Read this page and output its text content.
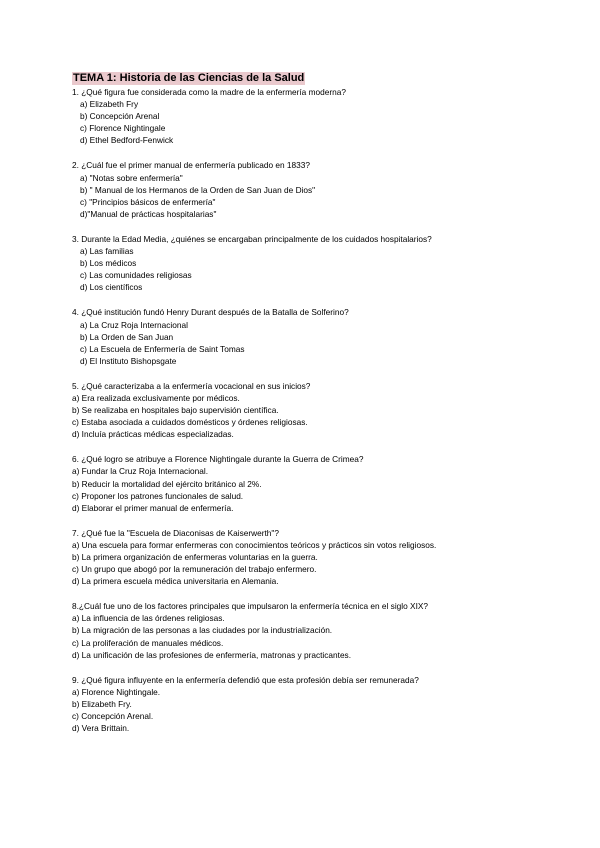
TEMA 1: Historia de las Ciencias de la Salud
1. ¿Qué figura fue considerada como la madre de la enfermería moderna?
a) Elizabeth Fry
b) Concepción Arenal
c) Florence Nightingale
d) Ethel Bedford-Fenwick
2. ¿Cuál fue el primer manual de enfermería publicado en 1833?
a) "Notas sobre enfermería"
b) " Manual de los Hermanos de la Orden de San Juan de Dios"
c) "Principios básicos de enfermería"
d)"Manual de prácticas hospitalarias"
3. Durante la Edad Media, ¿quiénes se encargaban principalmente de los cuidados hospitalarios?
a) Las familias
b) Los médicos
c) Las comunidades religiosas
d) Los científicos
4. ¿Qué institución fundó Henry Durant después de la Batalla de Solferino?
a) La Cruz Roja Internacional
b) La Orden de San Juan
c) La Escuela de Enfermería de Saint Tomas
d) El Instituto Bishopsgate
5. ¿Qué caracterizaba a la enfermería vocacional en sus inicios?
a) Era realizada exclusivamente por médicos.
b) Se realizaba en hospitales bajo supervisión científica.
c) Estaba asociada a cuidados domésticos y órdenes religiosas.
d) Incluía prácticas médicas especializadas.
6. ¿Qué logro se atribuye a Florence Nightingale durante la Guerra de Crimea?
a) Fundar la Cruz Roja Internacional.
b) Reducir la mortalidad del ejército británico al 2%.
c) Proponer los patrones funcionales de salud.
d) Elaborar el primer manual de enfermería.
7. ¿Qué fue la "Escuela de Diaconisas de Kaiserwerth"?
a) Una escuela para formar enfermeras con conocimientos teóricos y prácticos sin votos religiosos.
b) La primera organización de enfermeras voluntarias en la guerra.
c) Un grupo que abogó por la remuneración del trabajo enfermero.
d) La primera escuela médica universitaria en Alemania.
8.¿Cuál fue uno de los factores principales que impulsaron la enfermería técnica en el siglo XIX?
a) La influencia de las órdenes religiosas.
b) La migración de las personas a las ciudades por la industrialización.
c) La proliferación de manuales médicos.
d) La unificación de las profesiones de enfermería, matronas y practicantes.
9. ¿Qué figura influyente en la enfermería defendió que esta profesión debía ser remunerada?
a) Florence Nightingale.
b) Elizabeth Fry.
c) Concepción Arenal.
d) Vera Brittain.
